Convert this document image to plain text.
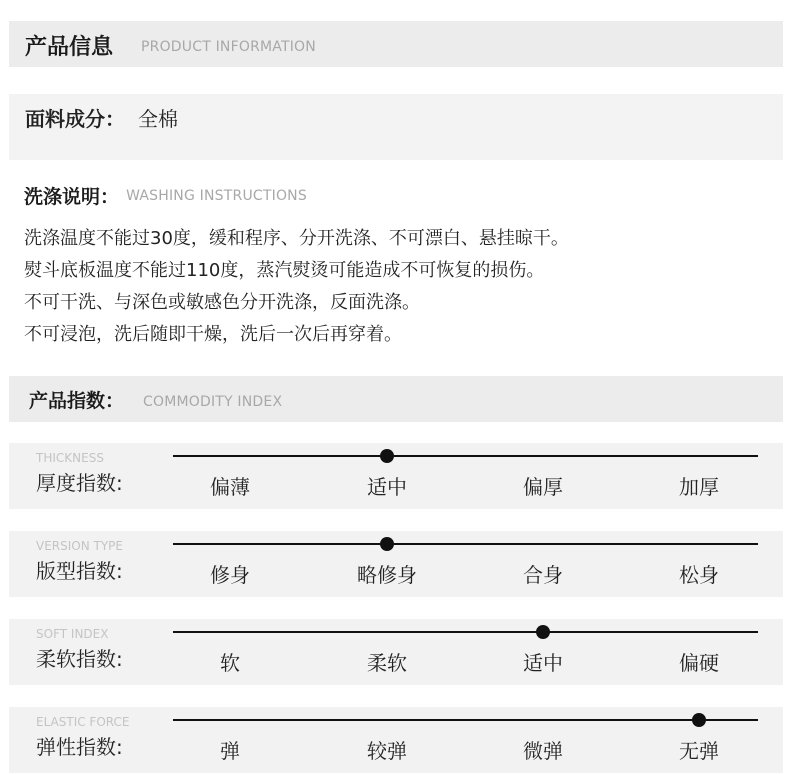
产品信息 PRODUCT INFORMATION
面料成分： 全棉
洗涤说明： WASHING INSTRUCTIONS
洗涤温度不能过30度，缓和程序、分开洗涤、不可漂白、悬挂晾干。
熨斗底板温度不能过110度，蒸汽熨烫可能造成不可恢复的损伤。
不可干洗、与深色或敏感色分开洗涤，反面洗涤。
不可浸泡，洗后随即干燥，洗后一次后再穿着。
产品指数： COMMODITY INDEX
THICKNESS
厚度指数:	偏薄	适中	偏厚	加厚
VERSION TYPE
版型指数:	修身	略修身	合身	松身
SOFT INDEX
柔软指数:	软	柔软	适中	偏硬
ELASTIC FORCE
弹性指数:	弹	较弹	微弹	无弹
